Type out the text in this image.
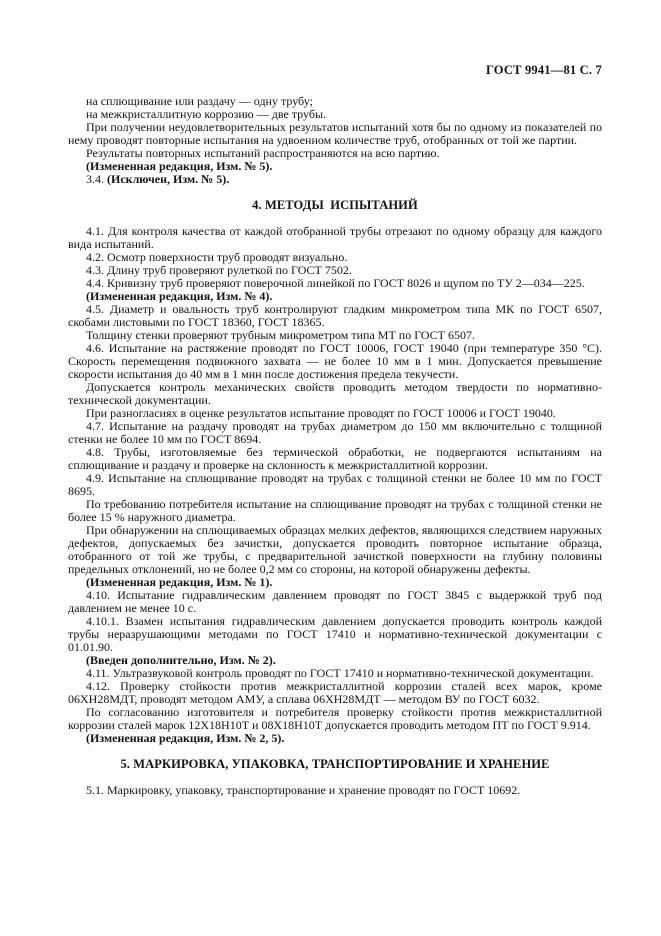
ГОСТ 9941—81 С. 7

на сплющивание или раздачу — одну трубу;

на межкристаллитную коррозию — две трубы.

При получении неудовлетворительных результатов испытаний хотя бы по одному из показателей по нему проводят повторные испытания на удвоенном количестве труб, отобранных от той же партии.

Результаты повторных испытаний распространяются на всю партию.

(Измененная редакция, Изм. № 5).

3.4. (Исключен, Изм. № 5).

4. МЕТОДЫ  ИСПЫТАНИЙ

4.1. Для контроля качества от каждой отобранной трубы отрезают по одному образцу для каждого вида испытаний.

4.2. Осмотр поверхности труб проводят визуально.

4.3. Длину труб проверяют рулеткой по ГОСТ 7502.

4.4. Кривизну труб проверяют поверочной линейкой по ГОСТ 8026 и щупом по ТУ 2—034—225.

(Измененная редакция, Изм. № 4).

4.5. Диаметр и овальность труб контролируют гладким микрометром типа МК по ГОСТ 6507, скобами листовыми по ГОСТ 18360, ГОСТ 18365.

Толщину стенки проверяют трубным микрометром типа МТ по ГОСТ 6507.

4.6. Испытание на растяжение проводят по ГОСТ 10006, ГОСТ 19040 (при температуре 350 °С). Скорость перемещения подвижного захвата — не более 10 мм в 1 мин. Допускается превышение скорости испытания до 40 мм в 1 мин после достижения предела текучести.

Допускается контроль механических свойств проводить методом твердости по нормативно-технической документации.

При разногласиях в оценке результатов испытание проводят по ГОСТ 10006 и ГОСТ 19040.

4.7. Испытание на раздачу проводят на трубах диаметром до 150 мм включительно с толщиной стенки не более 10 мм по ГОСТ 8694.

4.8. Трубы, изготовляемые без термической обработки, не подвергаются испытаниям на сплющивание и раздачу и проверке на склонность к межкристаллитной коррозии.

4.9. Испытание на сплющивание проводят на трубах с толщиной стенки не более 10 мм по ГОСТ 8695.

По требованию потребителя испытание на сплющивание проводят на трубах с толщиной стенки не более 15 % наружного диаметра.

При обнаружении на сплющиваемых образцах мелких дефектов, являющихся следствием наружных дефектов, допускаемых без зачистки, допускается проводить повторное испытание образца, отобранного от той же трубы, с предварительной зачисткой поверхности на глубину половины предельных отклонений, но не более 0,2 мм со стороны, на которой обнаружены дефекты.

(Измененная редакция, Изм. № 1).

4.10. Испытание гидравлическим давлением проводят по ГОСТ 3845 с выдержкой труб под давлением не менее 10 с.

4.10.1. Взамен испытания гидравлическим давлением допускается проводить контроль каждой трубы неразрушающими методами по ГОСТ 17410 и нормативно-технической документации с 01.01.90.

(Введен дополнительно, Изм. № 2).

4.11. Ультразвуковой контроль проводят по ГОСТ 17410 и нормативно-технической документации.

4.12. Проверку стойкости против межкристаллитной коррозии сталей всех марок, кроме 06ХН28МДТ, проводят методом АМУ, а сплава 06ХН28МДТ — методом ВУ по ГОСТ 6032.

По согласованию изготовителя и потребителя проверку стойкости против межкристаллитной коррозии сталей марок 12Х18Н10Т и 08Х18Н10Т допускается проводить методом ПТ по ГОСТ 9.914.

(Измененная редакция, Изм. № 2, 5).

5. МАРКИРОВКА, УПАКОВКА, ТРАНСПОРТИРОВАНИЕ И ХРАНЕНИЕ

5.1. Маркировку, упаковку, транспортирование и хранение проводят по ГОСТ 10692.
